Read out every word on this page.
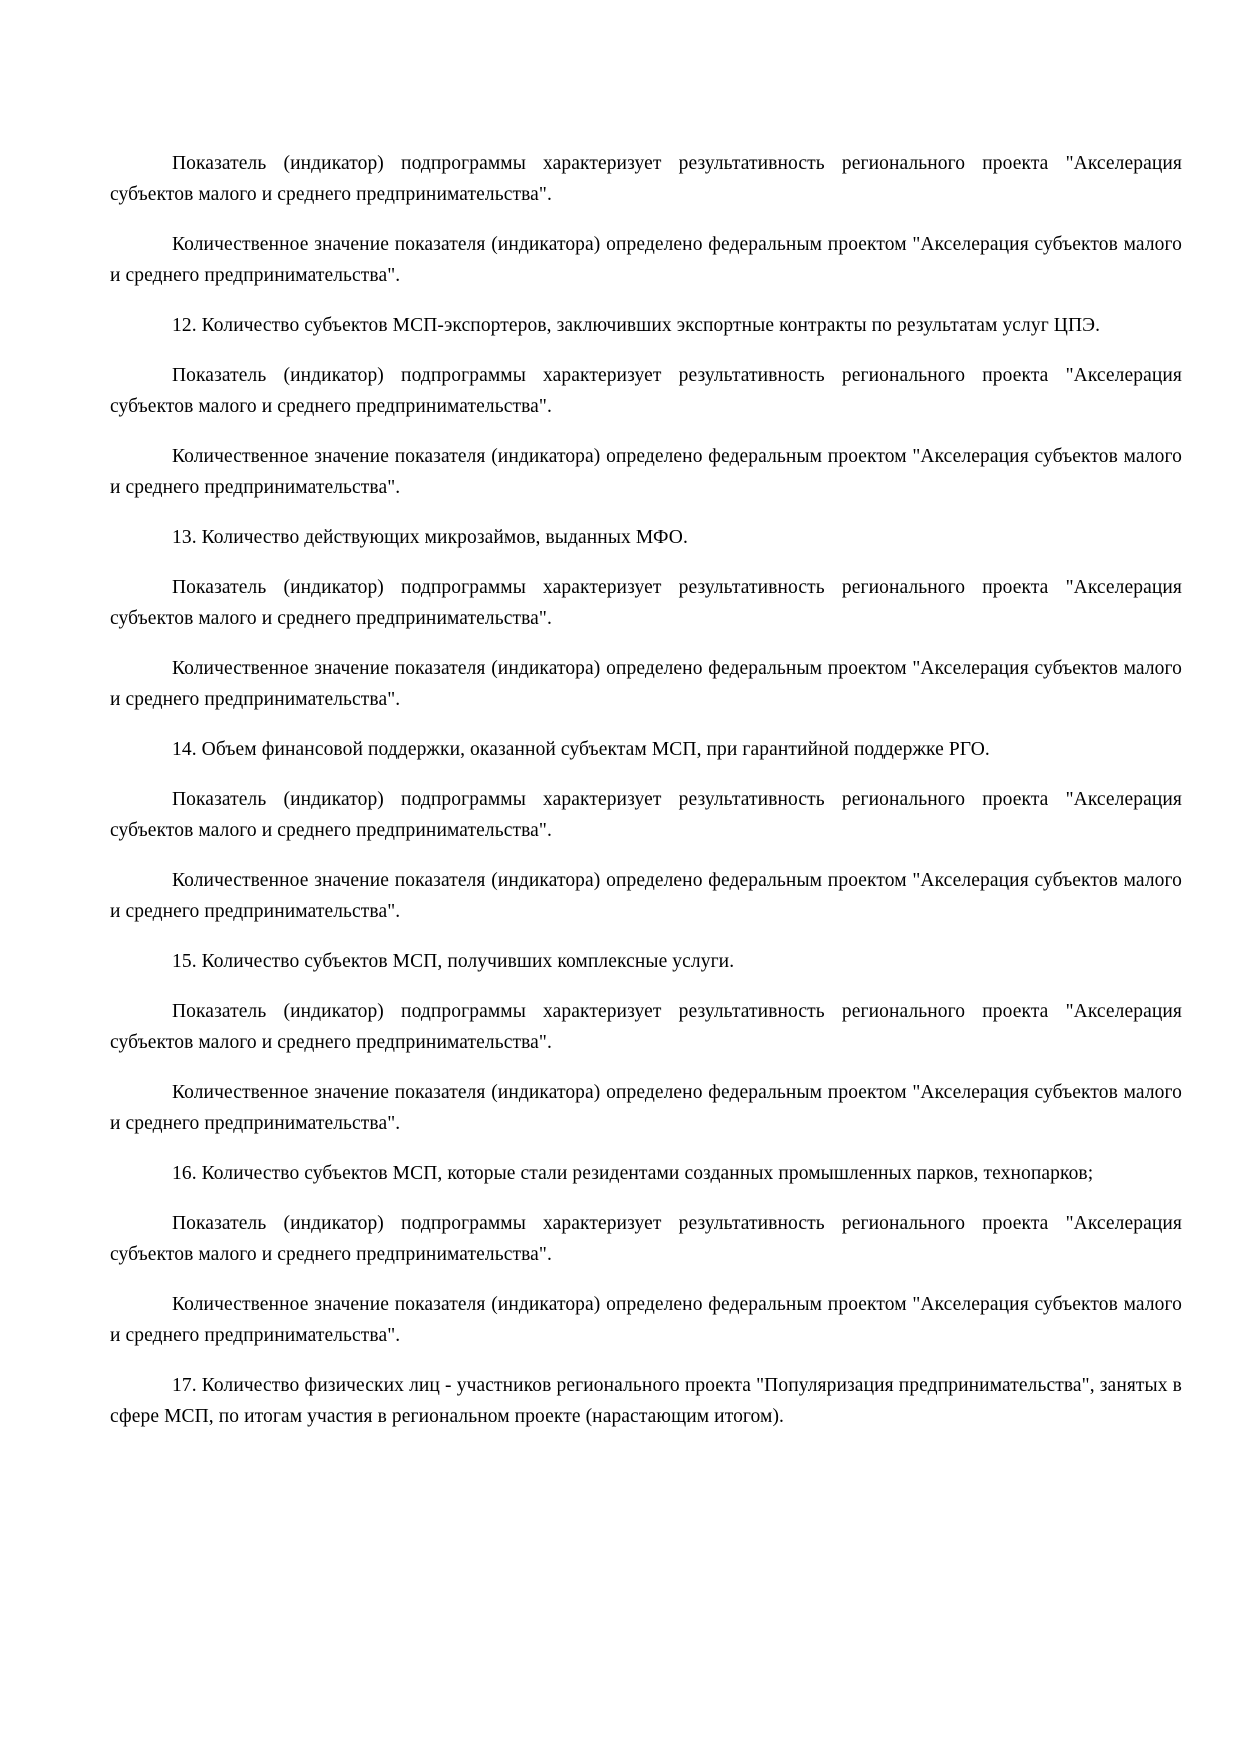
Показатель (индикатор) подпрограммы характеризует результативность регионального проекта "Акселерация субъектов малого и среднего предпринимательства".

Количественное значение показателя (индикатора) определено федеральным проектом "Акселерация субъектов малого и среднего предпринимательства".

12. Количество субъектов МСП-экспортеров, заключивших экспортные контракты по результатам услуг ЦПЭ.

Показатель (индикатор) подпрограммы характеризует результативность регионального проекта "Акселерация субъектов малого и среднего предпринимательства".

Количественное значение показателя (индикатора) определено федеральным проектом "Акселерация субъектов малого и среднего предпринимательства".

13. Количество действующих микрозаймов, выданных МФО.

Показатель (индикатор) подпрограммы характеризует результативность регионального проекта "Акселерация субъектов малого и среднего предпринимательства".

Количественное значение показателя (индикатора) определено федеральным проектом "Акселерация субъектов малого и среднего предпринимательства".

14. Объем финансовой поддержки, оказанной субъектам МСП, при гарантийной поддержке РГО.

Показатель (индикатор) подпрограммы характеризует результативность регионального проекта "Акселерация субъектов малого и среднего предпринимательства".

Количественное значение показателя (индикатора) определено федеральным проектом "Акселерация субъектов малого и среднего предпринимательства".

15. Количество субъектов МСП, получивших комплексные услуги.

Показатель (индикатор) подпрограммы характеризует результативность регионального проекта "Акселерация субъектов малого и среднего предпринимательства".

Количественное значение показателя (индикатора) определено федеральным проектом "Акселерация субъектов малого и среднего предпринимательства".

16. Количество субъектов МСП, которые стали резидентами созданных промышленных парков, технопарков;

Показатель (индикатор) подпрограммы характеризует результативность регионального проекта "Акселерация субъектов малого и среднего предпринимательства".

Количественное значение показателя (индикатора) определено федеральным проектом "Акселерация субъектов малого и среднего предпринимательства".

17. Количество физических лиц - участников регионального проекта "Популяризация предпринимательства", занятых в сфере МСП, по итогам участия в региональном проекте (нарастающим итогом).
